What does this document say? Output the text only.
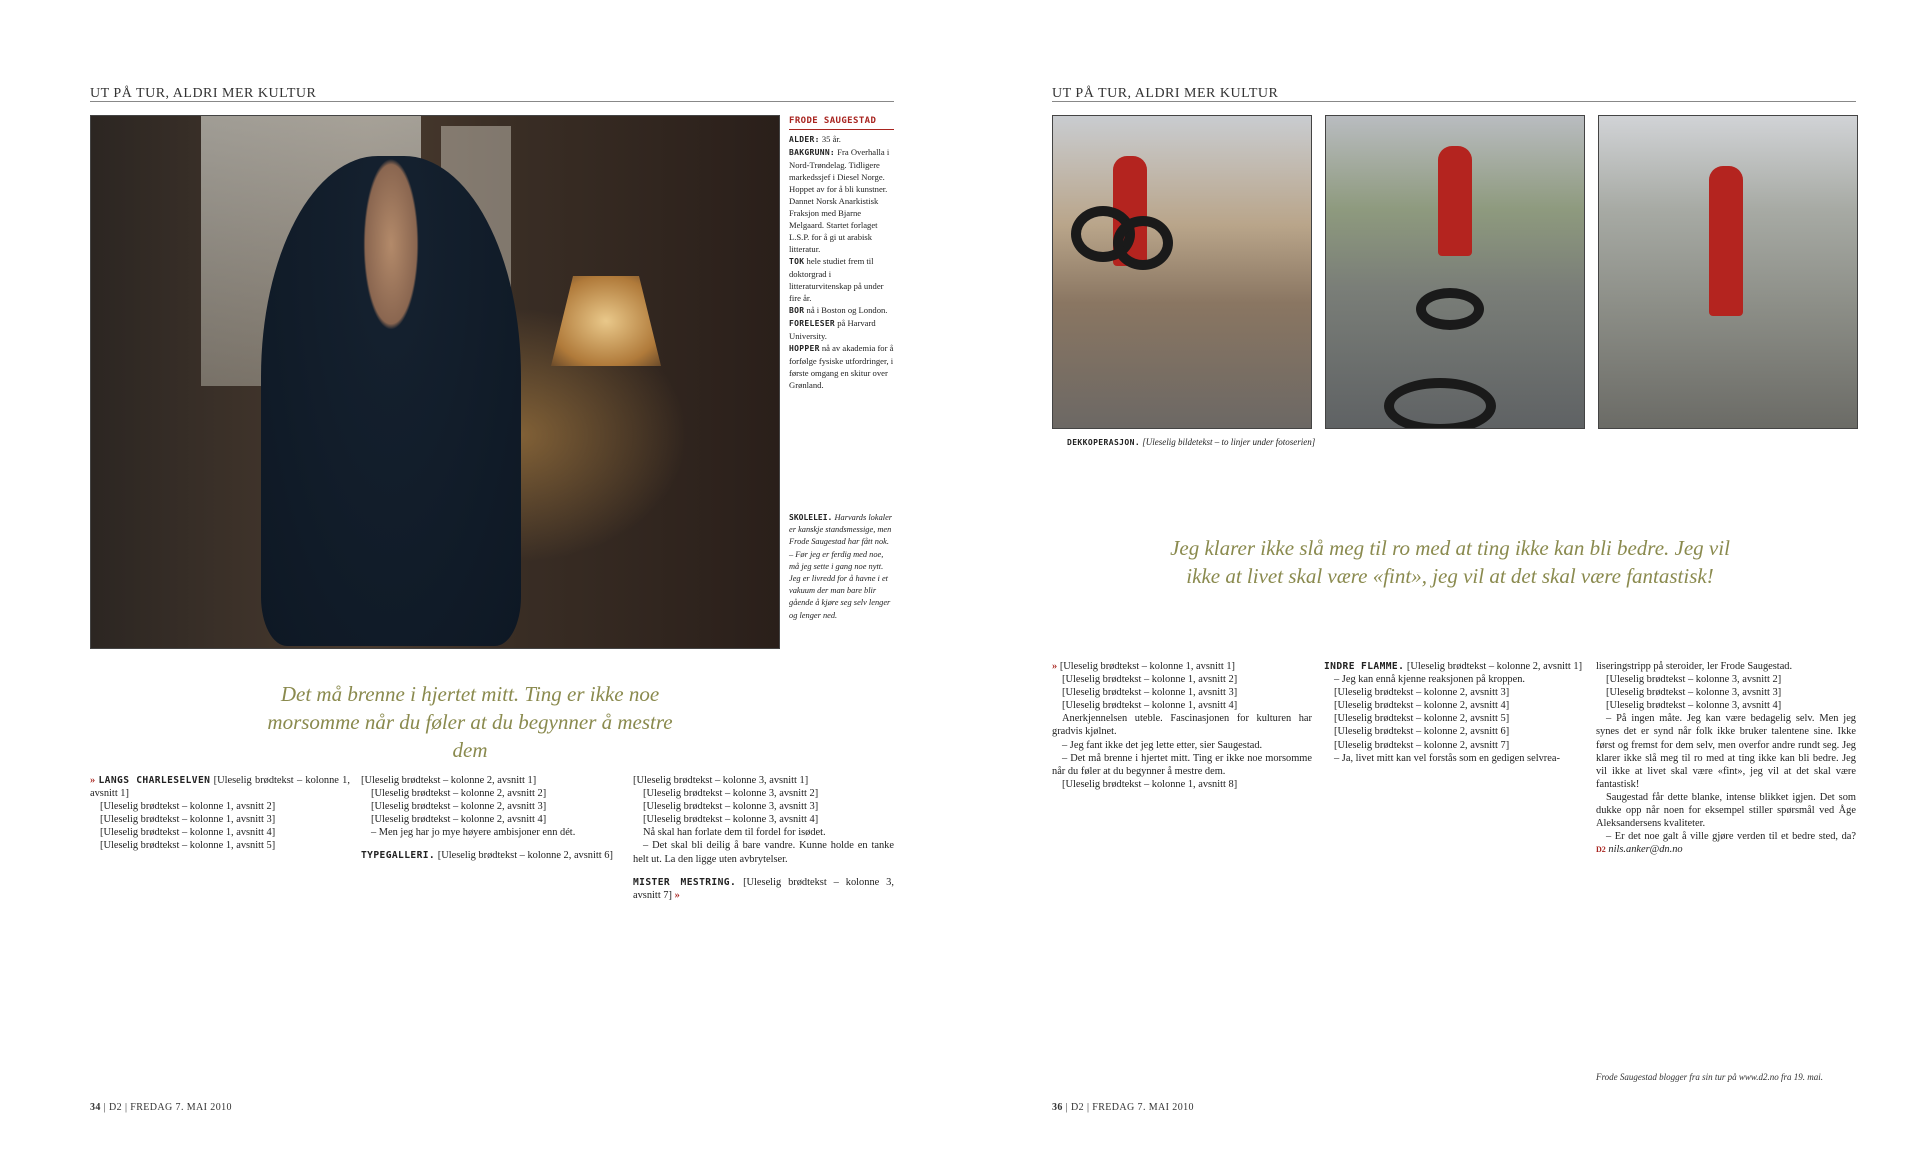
UT PÅ TUR, ALDRI MER KULTUR
FRODE SAUGESTAD
ALDER: 35 år.
BAKGRUNN: Fra Overhalla i Nord-Trøndelag. Tidligere markedssjef i Diesel Norge. Hoppet av for å bli kunstner. Dannet Norsk Anarkistisk Fraksjon med Bjarne Melgaard. Startet forlaget L.S.P. for å gi ut arabisk litteratur.
TOK hele studiet frem til doktorgrad i litteraturvitenskap på under fire år.
BOR nå i Boston og London.
FORELESER på Harvard University.
HOPPER nå av akademia for å forfølge fysiske utfordringer, i første omgang en skitur over Grønland.
SKOLELEI. Harvards lokaler er kanskje standsmessige, men Frode Saugestad har fått nok. – Før jeg er ferdig med noe, må jeg sette i gang noe nytt. Jeg er livredd for å havne i et vakuum der man bare blir gående å kjøre seg selv lenger og lenger ned.
Det må brenne i hjertet mitt. Ting er ikke noe morsomme når du føler at du begynner å mestre dem

» LANGS CHARLESELVEN [Uleselig brødtekst – kolonne 1, avsnitt 1]

[Uleselig brødtekst – kolonne 1, avsnitt 2]

[Uleselig brødtekst – kolonne 1, avsnitt 3]

[Uleselig brødtekst – kolonne 1, avsnitt 4]

[Uleselig brødtekst – kolonne 1, avsnitt 5]

[Uleselig brødtekst – kolonne 2, avsnitt 1]

[Uleselig brødtekst – kolonne 2, avsnitt 2]

[Uleselig brødtekst – kolonne 2, avsnitt 3]

[Uleselig brødtekst – kolonne 2, avsnitt 4]

– Men jeg har jo mye høyere ambisjoner enn dét.

TYPEGALLERI. [Uleselig brødtekst – kolonne 2, avsnitt 6]

[Uleselig brødtekst – kolonne 3, avsnitt 1]

[Uleselig brødtekst – kolonne 3, avsnitt 2]

[Uleselig brødtekst – kolonne 3, avsnitt 3]

[Uleselig brødtekst – kolonne 3, avsnitt 4]

Nå skal han forlate dem til fordel for isødet.

– Det skal bli deilig å bare vandre. Kunne holde en tanke helt ut. La den ligge uten avbrytelser.

MISTER MESTRING. [Uleselig brødtekst – kolonne 3, avsnitt 7] »

34 | D2 | FREDAG 7. MAI 2010
UT PÅ TUR, ALDRI MER KULTUR
DEKKOPERASJON. [Uleselig bildetekst – to linjer under fotoserien]
Jeg klarer ikke slå meg til ro med at ting ikke kan bli bedre. Jeg vil ikke at livet skal være «fint», jeg vil at det skal være fantastisk!

» [Uleselig brødtekst – kolonne 1, avsnitt 1]

[Uleselig brødtekst – kolonne 1, avsnitt 2]

[Uleselig brødtekst – kolonne 1, avsnitt 3]

[Uleselig brødtekst – kolonne 1, avsnitt 4]

Anerkjennelsen uteble. Fascinasjonen for kulturen har gradvis kjølnet.

– Jeg fant ikke det jeg lette etter, sier Saugestad.

– Det må brenne i hjertet mitt. Ting er ikke noe morsomme når du føler at du begynner å mestre dem.

[Uleselig brødtekst – kolonne 1, avsnitt 8]

INDRE FLAMME. [Uleselig brødtekst – kolonne 2, avsnitt 1]

– Jeg kan ennå kjenne reaksjonen på kroppen.

[Uleselig brødtekst – kolonne 2, avsnitt 3]

[Uleselig brødtekst – kolonne 2, avsnitt 4]

[Uleselig brødtekst – kolonne 2, avsnitt 5]

[Uleselig brødtekst – kolonne 2, avsnitt 6]

[Uleselig brødtekst – kolonne 2, avsnitt 7]

– Ja, livet mitt kan vel forstås som en gedigen selvrea-

liseringstripp på steroider, ler Frode Saugestad.

[Uleselig brødtekst – kolonne 3, avsnitt 2]

[Uleselig brødtekst – kolonne 3, avsnitt 3]

[Uleselig brødtekst – kolonne 3, avsnitt 4]

– På ingen måte. Jeg kan være bedagelig selv. Men jeg synes det er synd når folk ikke bruker talentene sine. Ikke først og fremst for dem selv, men overfor andre rundt seg. Jeg klarer ikke slå meg til ro med at ting ikke kan bli bedre. Jeg vil ikke at livet skal være «fint», jeg vil at det skal være fantastisk!

Saugestad får dette blanke, intense blikket igjen. Det som dukke opp når noen for eksempel stiller spørsmål ved Åge Aleksandersens kvaliteter.

– Er det noe galt å ville gjøre verden til et bedre sted, da? D2 nils.anker@dn.no

Frode Saugestad blogger fra sin tur på www.d2.no fra 19. mai.
36 | D2 | FREDAG 7. MAI 2010
